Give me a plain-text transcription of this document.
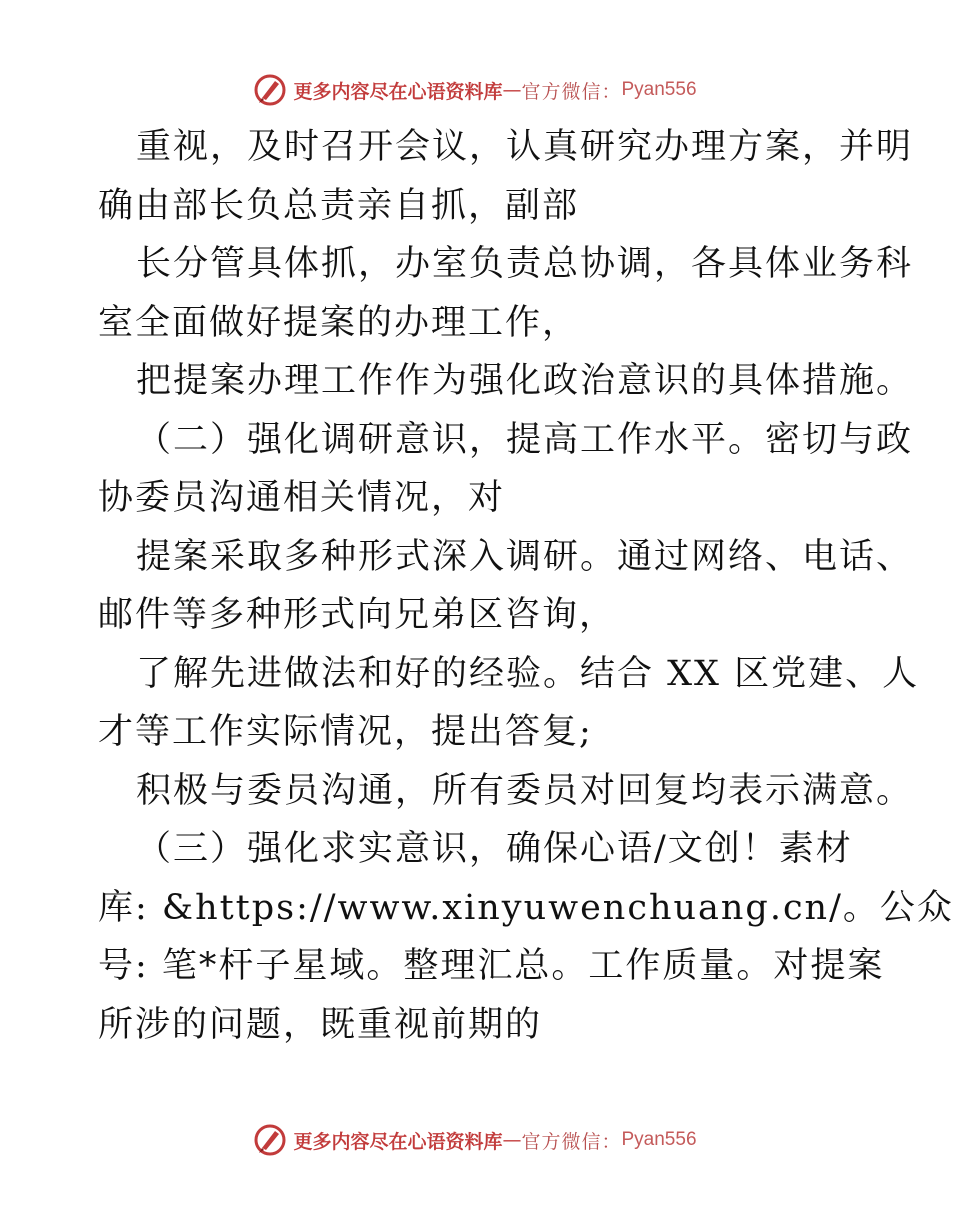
更多内容尽在心语资料库 — 官方微信： Pyan556
重视，及时召开会议，认真研究办理方案，并明
确由部长负总责亲自抓，副部
长分管具体抓，办室负责总协调，各具体业务科
室全面做好提案的办理工作，
把提案办理工作作为强化政治意识的具体措施。
（二）强化调研意识，提高工作水平。密切与政
协委员沟通相关情况，对
提案采取多种形式深入调研。通过网络、电话、
邮件等多种形式向兄弟区咨询，
了解先进做法和好的经验。结合 XX 区党建、人
才等工作实际情况，提出答复;
积极与委员沟通，所有委员对回复均表示满意。
（三）强化求实意识，确保心语/文创！素材
库: &https://www.xinyuwenchuang.cn/。公众
号: 笔*杆子星域。整理汇总。工作质量。对提案
所涉的问题，既重视前期的
更多内容尽在心语资料库 — 官方微信： Pyan556
